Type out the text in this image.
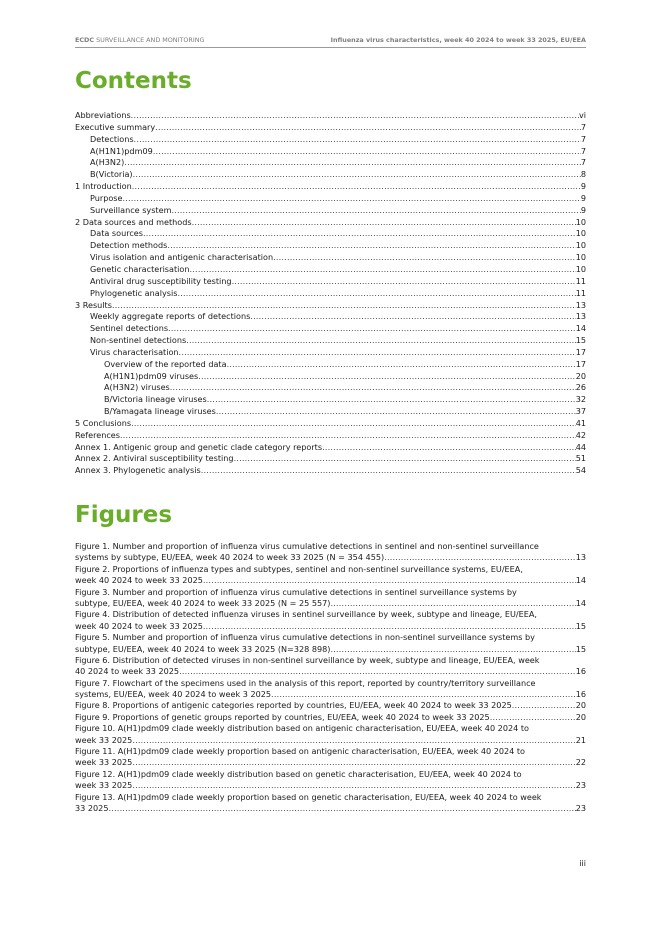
ECDC SURVEILLANCE AND MONITORING	Influenza virus characteristics, week 40 2024 to week 33 2025, EU/EEA
Contents
Abbreviations .....	vi
Executive summary .....	7
Detections .....	7
A(H1N1)pdm09 .....	7
A(H3N2) .....	7
B(Victoria) .....	8
1 Introduction .....	9
Purpose .....	9
Surveillance system .....	9
2 Data sources and methods .....	10
Data sources .....	10
Detection methods .....	10
Virus isolation and antigenic characterisation .....	10
Genetic characterisation .....	10
Antiviral drug susceptibility testing .....	11
Phylogenetic analysis .....	11
3 Results .....	13
Weekly aggregate reports of detections .....	13
Sentinel detections .....	14
Non-sentinel detections .....	15
Virus characterisation .....	17
Overview of the reported data .....	17
A(H1N1)pdm09 viruses .....	20
A(H3N2) viruses .....	26
B/Victoria lineage viruses .....	32
B/Yamagata lineage viruses .....	37
5 Conclusions .....	41
References .....	42
Annex 1. Antigenic group and genetic clade category reports .....	44
Annex 2. Antiviral susceptibility testing .....	51
Annex 3. Phylogenetic analysis .....	54
Figures
Figure 1. Number and proportion of influenza virus cumulative detections in sentinel and non-sentinel surveillance
systems by subtype, EU/EEA, week 40 2024 to week 33 2025 (N = 354 455) .....	13
Figure 2. Proportions of influenza types and subtypes, sentinel and non-sentinel surveillance systems, EU/EEA,
week 40 2024 to week 33 2025 .....	14
Figure 3. Number and proportion of influenza virus cumulative detections in sentinel surveillance systems by
subtype, EU/EEA, week 40 2024 to week 33 2025 (N = 25 557) .....	14
Figure 4. Distribution of detected influenza viruses in sentinel surveillance by week, subtype and lineage, EU/EEA,
week 40 2024 to week 33 2025 .....	15
Figure 5. Number and proportion of influenza virus cumulative detections in non-sentinel surveillance systems by
subtype, EU/EEA, week 40 2024 to week 33 2025 (N=328 898) .....	15
Figure 6. Distribution of detected viruses in non-sentinel surveillance by week, subtype and lineage, EU/EEA, week
40 2024 to week 33 2025 .....	16
Figure 7. Flowchart of the specimens used in the analysis of this report, reported by country/territory surveillance
systems, EU/EEA, week 40 2024 to week 3 2025 .....	16
Figure 8. Proportions of antigenic categories reported by countries, EU/EEA, week 40 2024 to week 33 2025 .....	20
Figure 9. Proportions of genetic groups reported by countries, EU/EEA, week 40 2024 to week 33 2025 .....	20
Figure 10. A(H1)pdm09 clade weekly distribution based on antigenic characterisation, EU/EEA, week 40 2024 to
week 33 2025 .....	21
Figure 11. A(H1)pdm09 clade weekly proportion based on antigenic characterisation, EU/EEA, week 40 2024 to
week 33 2025 .....	22
Figure 12. A(H1)pdm09 clade weekly distribution based on genetic characterisation, EU/EEA, week 40 2024 to
week 33 2025 .....	23
Figure 13. A(H1)pdm09 clade weekly proportion based on genetic characterisation, EU/EEA, week 40 2024 to week
33 2025 .....	23
iii
